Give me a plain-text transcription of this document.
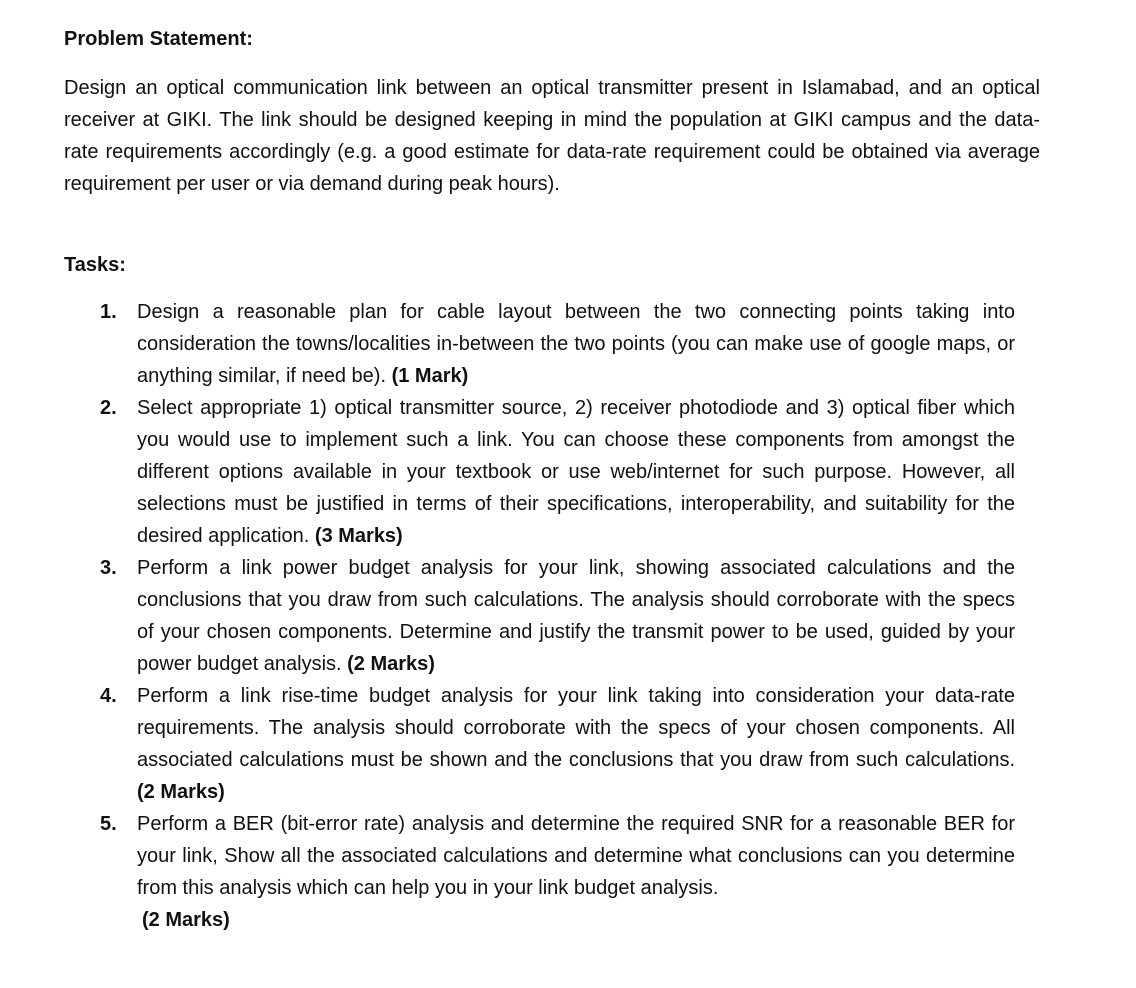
Problem Statement:

Design an optical communication link between an optical transmitter present in Islamabad, and an optical receiver at GIKI. The link should be designed keeping in mind the population at GIKI campus and the data-rate requirements accordingly (e.g. a good estimate for data-rate requirement could be obtained via average requirement per user or via demand during peak hours).

Tasks:
1. Design a reasonable plan for cable layout between the two connecting points taking into consideration the towns/localities in-between the two points (you can make use of google maps, or anything similar, if need be). (1 Mark)
2. Select appropriate 1) optical transmitter source, 2) receiver photodiode and 3) optical fiber which you would use to implement such a link. You can choose these components from amongst the different options available in your textbook or use web/internet for such purpose. However, all selections must be justified in terms of their specifications, interoperability, and suitability for the desired application. (3 Marks)
3. Perform a link power budget analysis for your link, showing associated calculations and the conclusions that you draw from such calculations. The analysis should corroborate with the specs of your chosen components. Determine and justify the transmit power to be used, guided by your power budget analysis. (2 Marks)
4. Perform a link rise-time budget analysis for your link taking into consideration your data-rate requirements. The analysis should corroborate with the specs of your chosen components. All associated calculations must be shown and the conclusions that you draw from such calculations. (2 Marks)
5. Perform a BER (bit-error rate) analysis and determine the required SNR for a reasonable BER for your link, Show all the associated calculations and determine what conclusions can you determine from this analysis which can help you in your link budget analysis.
(2 Marks)
